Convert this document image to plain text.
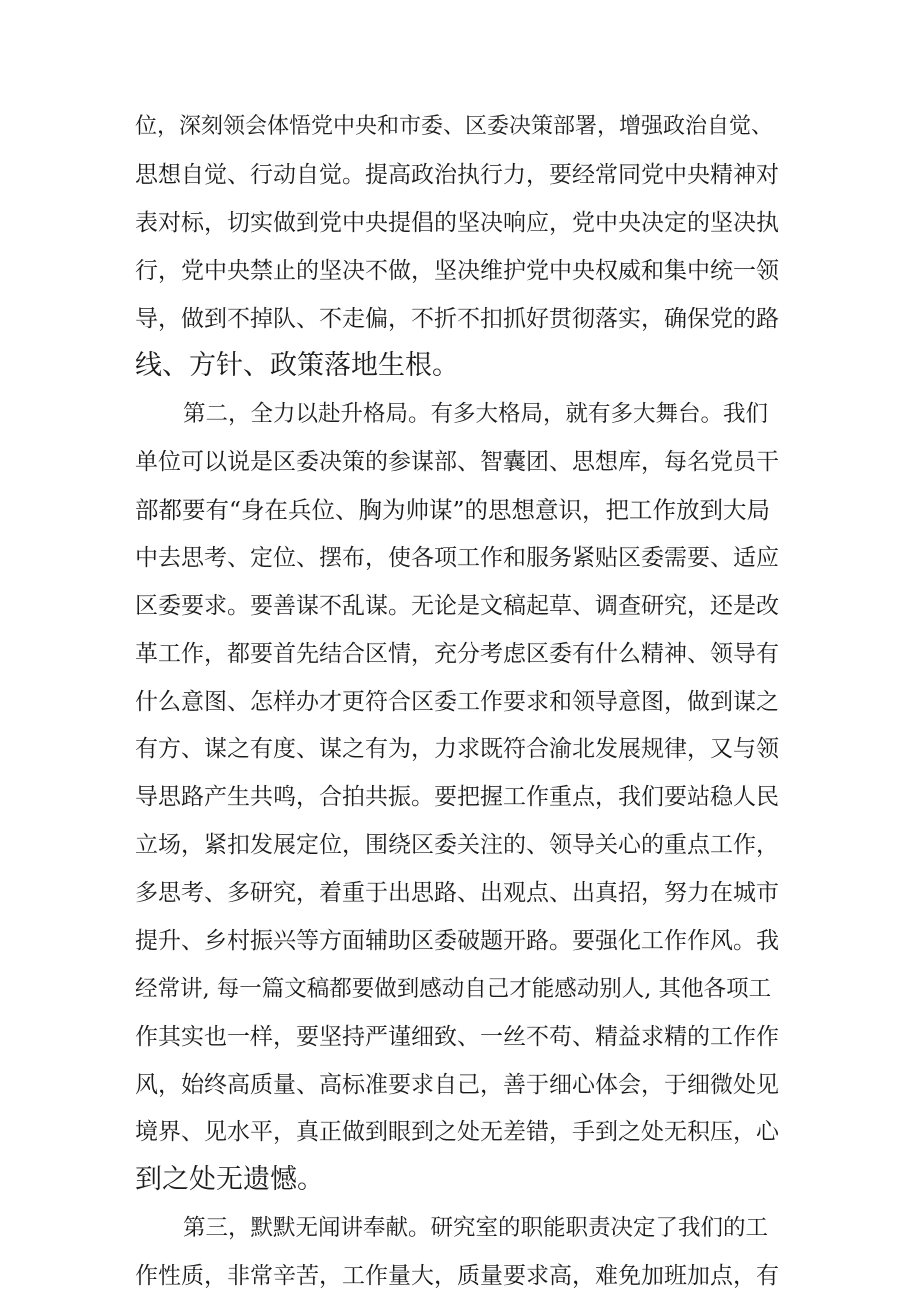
位，深刻领会体悟党中央和市委、区委决策部署，增强政治自觉、
思想自觉、行动自觉。提高政治执行力，要经常同党中央精神对
表对标，切实做到党中央提倡的坚决响应，党中央决定的坚决执
行，党中央禁止的坚决不做，坚决维护党中央权威和集中统一领
导，做到不掉队、不走偏，不折不扣抓好贯彻落实，确保党的路
线、方针、政策落地生根。
第二，全力以赴升格局。有多大格局，就有多大舞台。我们
单位可以说是区委决策的参谋部、智囊团、思想库，每名党员干
部都要有“身在兵位、胸为帅谋”的思想意识，把工作放到大局
中去思考、定位、摆布，使各项工作和服务紧贴区委需要、适应
区委要求。要善谋不乱谋。无论是文稿起草、调查研究，还是改
革工作，都要首先结合区情，充分考虑区委有什么精神、领导有
什么意图、怎样办才更符合区委工作要求和领导意图，做到谋之
有方、谋之有度、谋之有为，力求既符合渝北发展规律，又与领
导思路产生共鸣，合拍共振。要把握工作重点，我们要站稳人民
立场，紧扣发展定位，围绕区委关注的、领导关心的重点工作，
多思考、多研究，着重于出思路、出观点、出真招，努力在城市
提升、乡村振兴等方面辅助区委破题开路。要强化工作作风。我
经常讲, 每一篇文稿都要做到感动自己才能感动别人, 其他各项工
作其实也一样，要坚持严谨细致、一丝不苟、精益求精的工作作
风，始终高质量、高标准要求自己，善于细心体会，于细微处见
境界、见水平，真正做到眼到之处无差错，手到之处无积压，心
到之处无遗憾。
第三，默默无闻讲奉献。研究室的职能职责决定了我们的工
作性质，非常辛苦，工作量大，质量要求高，难免加班加点，有
